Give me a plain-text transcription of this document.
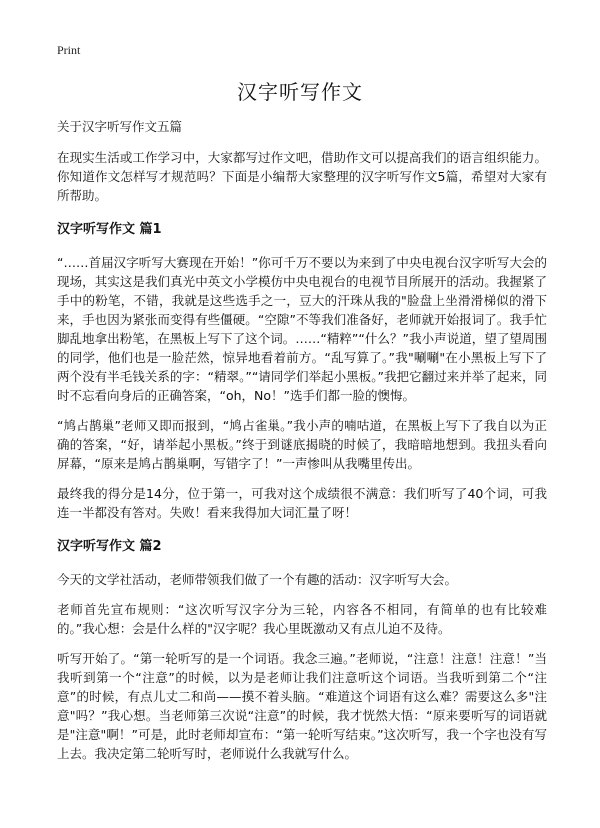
Print
汉字听写作文

关于汉字听写作文五篇

在现实生活或工作学习中，大家都写过作文吧，借助作文可以提高我们的语言组织能力。你知道作文怎样写才规范吗？下面是小编帮大家整理的汉字听写作文5篇，希望对大家有所帮助。

汉字听写作文 篇1

“……首届汉字听写大赛现在开始！”你可千万不要以为来到了中央电视台汉字听写大会的现场，其实这是我们真光中英文小学模仿中央电视台的电视节目所展开的活动。我握紧了手中的粉笔，不错，我就是这些选手之一，豆大的汗珠从我的"脸盘上坐滑滑梯似的滑下来，手也因为紧张而变得有些僵硬。“空隙”不等我们准备好，老师就开始报词了。我手忙脚乱地拿出粉笔，在黑板上写下了这个词。……“精粹”“什么？”我小声说道，望了望周围的同学，他们也是一脸茫然，惊异地看着前方。“乱写算了。”我"唰唰"在小黑板上写下了两个没有半毛钱关系的字：“精翠。”“请同学们举起小黑板。”我把它翻过来并举了起来，同时不忘看向身后的正确答案，“oh，No！”选手们都一脸的懊悔。

“鸠占鹊巢”老师又即而报到，“鸠占雀巢。”我小声的喃咕道，在黑板上写下了我自以为正确的答案，“好，请举起小黑板。”终于到谜底揭晓的时候了，我暗暗地想到。我扭头看向屏幕，“原来是鸠占鹊巢啊，写错字了！”一声惨叫从我嘴里传出。

最终我的得分是14分，位于第一，可我对这个成绩很不满意：我们听写了40个词，可我连一半都没有答对。失败！看来我得加大词汇量了呀！

汉字听写作文 篇2

今天的文学社活动，老师带领我们做了一个有趣的活动：汉字听写大会。

老师首先宣布规则：“这次听写汉字分为三轮，内容各不相同，有简单的也有比较难的。”我心想：会是什么样的"汉字呢？我心里既激动又有点儿迫不及待。

听写开始了。“第一轮听写的是一个词语。我念三遍。”老师说，“注意！注意！注意！”当我听到第一个“注意”的时候，以为是老师让我们注意听这个词语。当我听到第二个“注意”的时候，有点儿丈二和尚——摸不着头脑。“难道这个词语有这么难？需要这么多"注意"吗？”我心想。当老师第三次说“注意”的时候，我才恍然大悟：“原来要听写的词语就是"注意"啊！”可是，此时老师却宣布：“第一轮听写结束。”这次听写，我一个字也没有写上去。我决定第二轮听写时，老师说什么我就写什么。
